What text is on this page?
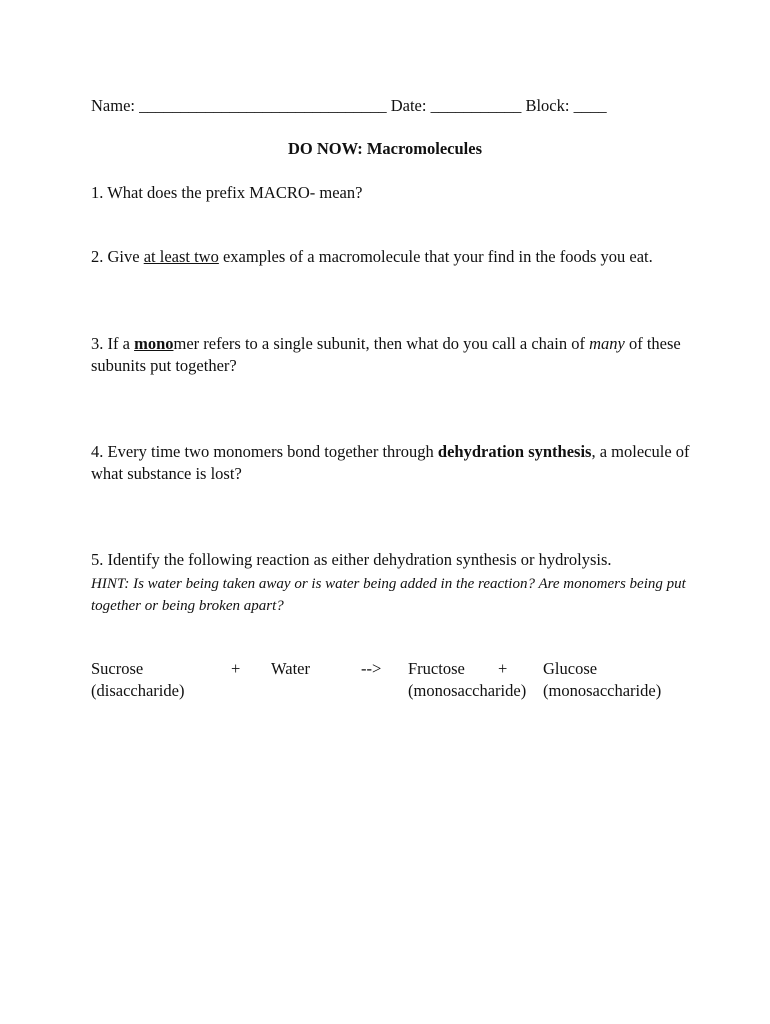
Name: ______________________________ Date: ___________ Block: ____
DO NOW: Macromolecules
1. What does the prefix MACRO- mean?
2. Give at least two examples of a macromolecule that your find in the foods you eat.
3. If a monomer refers to a single subunit, then what do you call a chain of many of these subunits put together?
4. Every time two monomers bond together through dehydration synthesis, a molecule of what substance is lost?
5. Identify the following reaction as either dehydration synthesis or hydrolysis.
HINT: Is water being taken away or is water being added in the reaction? Are monomers being put together or being broken apart?
Sucrose
(disaccharide)
+ Water	--> Fructose
(monosaccharide)
+ Glucose
(monosaccharide)
